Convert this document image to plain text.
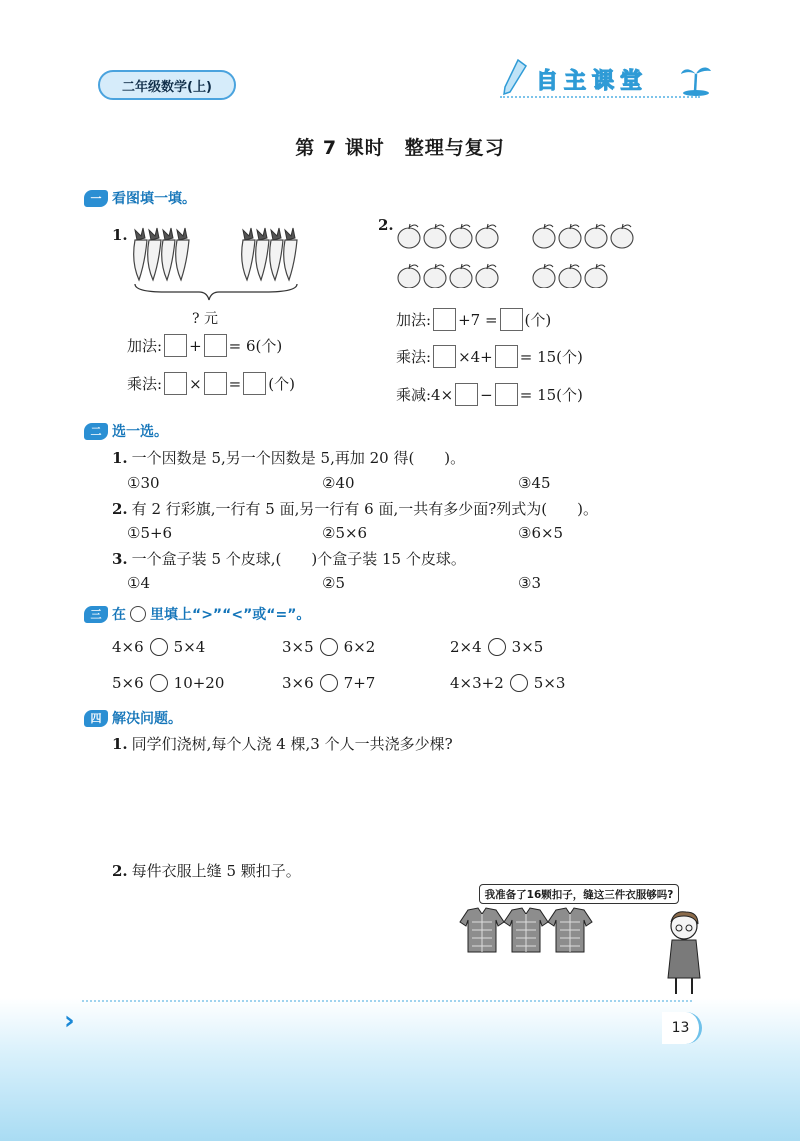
二年级数学(上)	自主课堂
第 7 课时　整理与复习
一 看图填一填。
1.
? 元
加法: + = 6(个)
乘法: × = (个)
2.
加法: +7 = (个)
乘法: ×4+ = 15(个)
乘减:4× − = 15(个)
二 选一选。
1. 一个因数是 5,另一个因数是 5,再加 20 得(　　)。
①30	②40	③45
2. 有 2 行彩旗,一行有 5 面,另一行有 6 面,一共有多少面?列式为(　　)。
①5+6	②5×6	③6×5
3. 一个盒子装 5 个皮球,(　　)个盒子装 15 个皮球。
①4	②5	③3
三 在 里填上“>”“<”或“=”。
4×6 5×4	3×5 6×2	2×4 3×5
5×6 10+20	3×6 7+7	4×3+2 5×3
四 解决问题。
1. 同学们浇树,每个人浇 4 棵,3 个人一共浇多少棵?
2. 每件衣服上缝 5 颗扣子。
我准备了16颗扣子，缝这三件衣服够吗?
›	13
